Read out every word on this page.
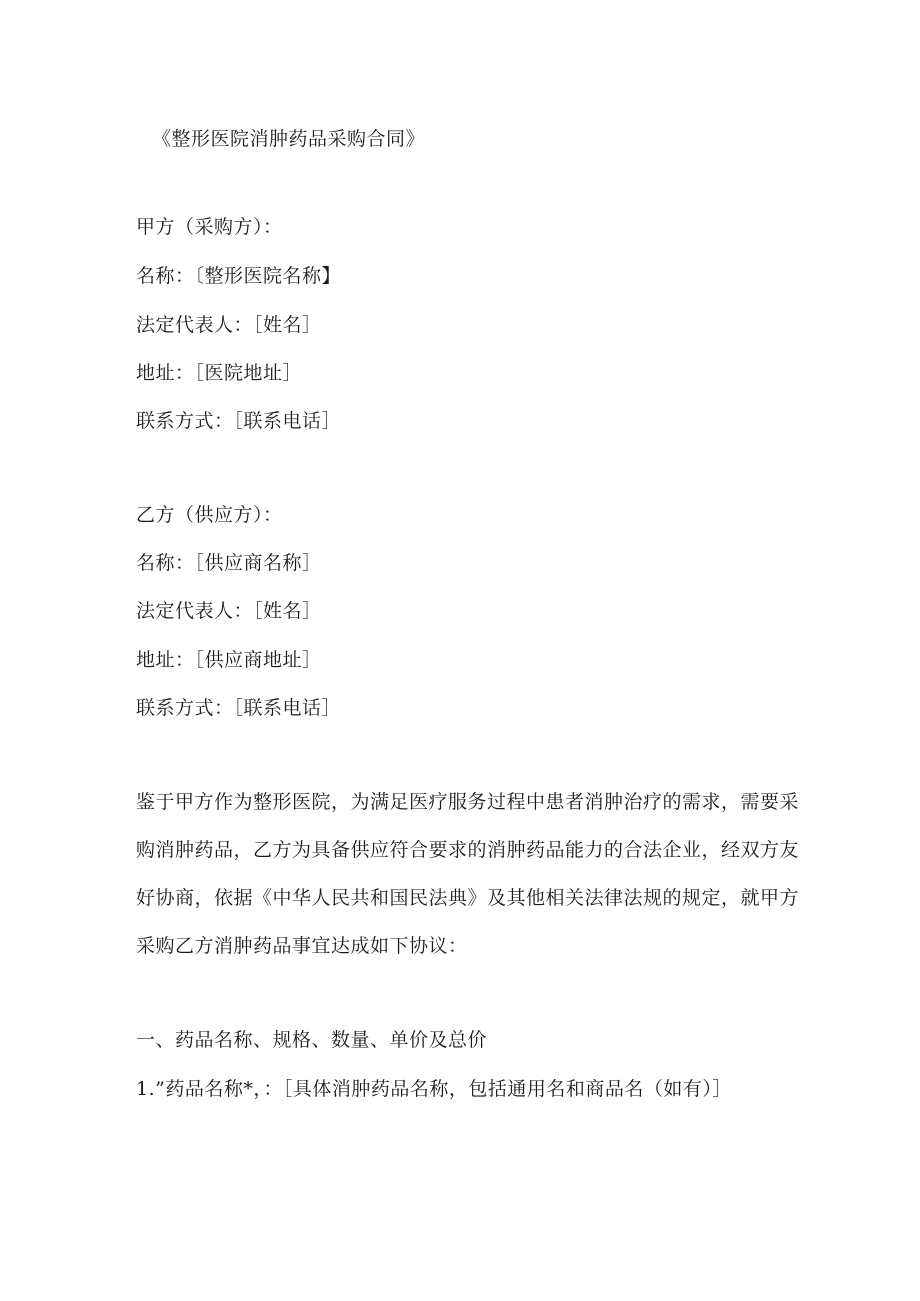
《整形医院消肿药品采购合同》
甲方（采购方）：
名称：〔整形医院名称】
法定代表人：［姓名］
地址：［医院地址］
联系方式：［联系电话］
乙方（供应方）：
名称：［供应商名称］
法定代表人：［姓名］
地址：［供应商地址］
联系方式：［联系电话］
鉴于甲方作为整形医院，为满足医疗服务过程中患者消肿治疗的需求，需要采
购消肿药品，乙方为具备供应符合要求的消肿药品能力的合法企业，经双方友
好协商，依据《中华人民共和国民法典》及其他相关法律法规的规定，就甲方
采购乙方消肿药品事宜达成如下协议：
一、药品名称、规格、数量、单价及总价
1.”药品名称*，：［具体消肿药品名称，包括通用名和商品名（如有）］
